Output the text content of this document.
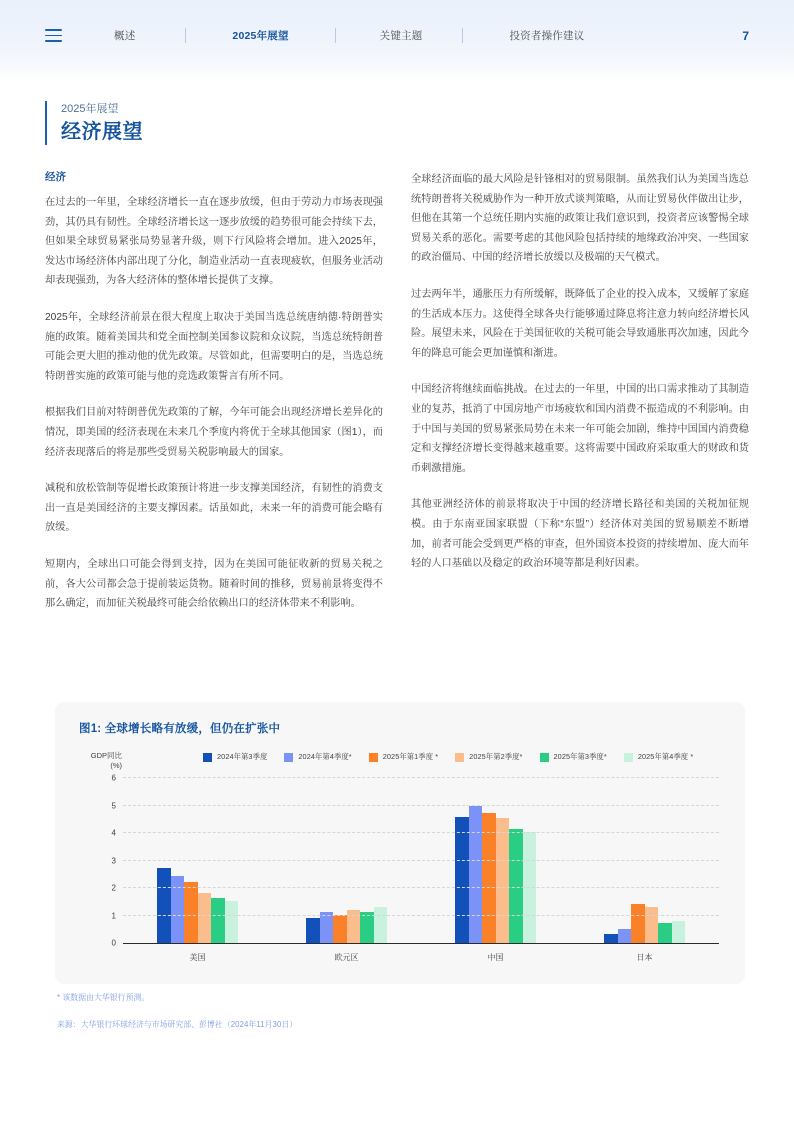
概述	2025年展望	关键主题	投资者操作建议	7
2025年展望
经济展望
经济

在过去的一年里，全球经济增长一直在逐步放缓，但由于劳动力市场表现强劲，其仍具有韧性。全球经济增长这一逐步放缓的趋势很可能会持续下去，但如果全球贸易紧张局势显著升级，则下行风险将会增加。进入2025年，发达市场经济体内部出现了分化，制造业活动一直表现疲软，但服务业活动却表现强劲，为各大经济体的整体增长提供了支撑。

2025年，全球经济前景在很大程度上取决于美国当选总统唐纳德·特朗普实施的政策。随着美国共和党全面控制美国参议院和众议院，当选总统特朗普可能会更大胆的推动他的优先政策。尽管如此，但需要明白的是，当选总统特朗普实施的政策可能与他的竞选政策誓言有所不同。

根据我们目前对特朗普优先政策的了解，今年可能会出现经济增长差异化的情况，即美国的经济表现在未来几个季度内将优于全球其他国家（图1），而经济表现落后的将是那些受贸易关税影响最大的国家。

减税和放松管制等促增长政策预计将进一步支撑美国经济，有韧性的消费支出一直是美国经济的主要支撑因素。话虽如此，未来一年的消费可能会略有放缓。

短期内，全球出口可能会得到支持，因为在美国可能征收新的贸易关税之前，各大公司都会急于提前装运货物。随着时间的推移，贸易前景将变得不那么确定，而加征关税最终可能会给依赖出口的经济体带来不利影响。

全球经济面临的最大风险是针锋相对的贸易限制。虽然我们认为美国当选总统特朗普将关税威胁作为一种开放式谈判策略，从而让贸易伙伴做出让步，但他在其第一个总统任期内实施的政策让我们意识到，投资者应该警惕全球贸易关系的恶化。需要考虑的其他风险包括持续的地缘政治冲突、一些国家的政治僵局、中国的经济增长放缓以及极端的天气模式。

过去两年半，通胀压力有所缓解，既降低了企业的投入成本，又缓解了家庭的生活成本压力。这使得全球各央行能够通过降息将注意力转向经济增长风险。展望未来，风险在于美国征收的关税可能会导致通胀再次加速，因此今年的降息可能会更加谨慎和渐进。

中国经济将继续面临挑战。在过去的一年里，中国的出口需求推动了其制造业的复苏，抵消了中国房地产市场疲软和国内消费不振造成的不利影响。由于中国与美国的贸易紧张局势在未来一年可能会加剧，维持中国国内消费稳定和支撑经济增长变得越来越重要。这将需要中国政府采取重大的财政和货币刺激措施。

其他亚洲经济体的前景将取决于中国的经济增长路径和美国的关税加征规模。由于东南亚国家联盟（下称“东盟”）经济体对美国的贸易顺差不断增加，前者可能会受到更严格的审查，但外国资本投资的持续增加、庞大而年轻的人口基础以及稳定的政治环境等都是利好因素。

图1: 全球增长略有放缓，但仍在扩张中
GDP同比
(%)
2024年第3季度	2024年第4季度*	2025年第1季度 *	2025年第2季度*	2025年第3季度*	2025年第4季度 *
美国	欧元区	中国	日本
0
1
2
3
4
5
6
* 该数据由大华银行预测。
来源：大华银行环球经济与市场研究部、彭博社（2024年11月30日）
